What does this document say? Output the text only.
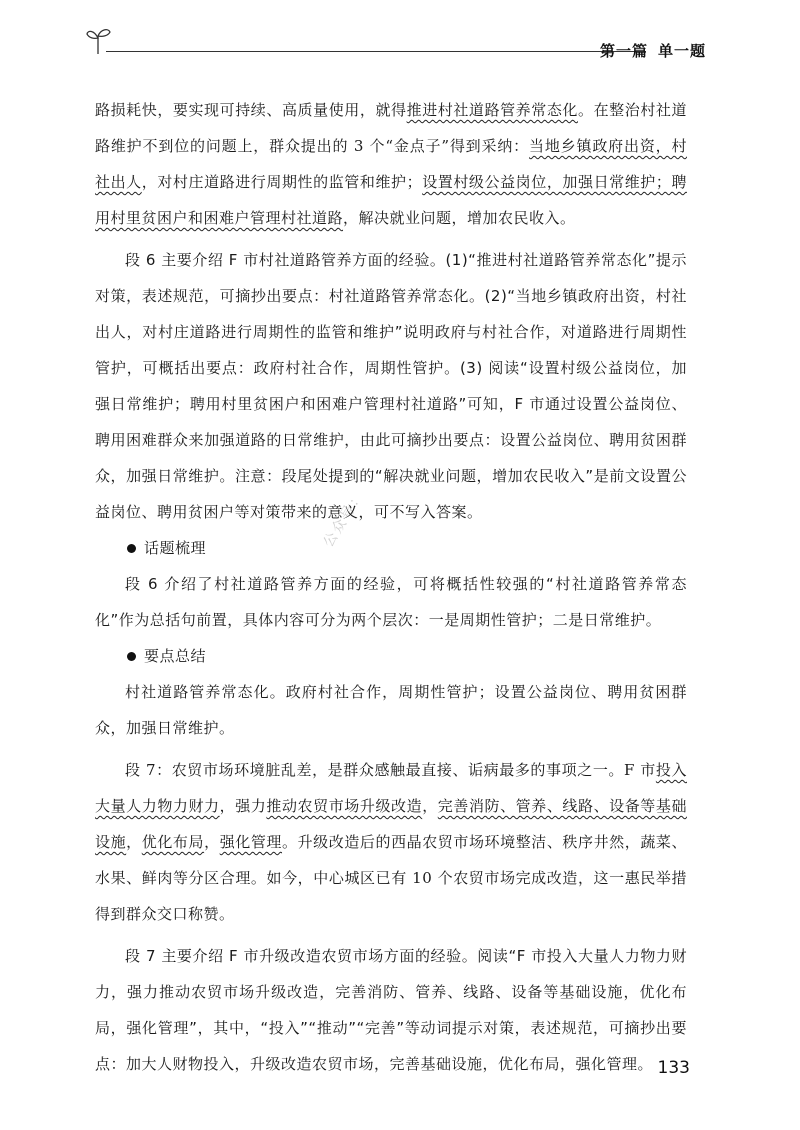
第一篇 单一题
公众号：

路损耗快，要实现可持续、高质量使用，就得推进村社道路管养常态化。在整治村社道路维护不到位的问题上，群众提出的 3 个“金点子”得到采纳：当地乡镇政府出资，村社出人，对村庄道路进行周期性的监管和维护；设置村级公益岗位，加强日常维护；聘用村里贫困户和困难户管理村社道路，解决就业问题，增加农民收入。

段 6 主要介绍 F 市村社道路管养方面的经验。(1)“推进村社道路管养常态化”提示对策，表述规范，可摘抄出要点：村社道路管养常态化。(2)“当地乡镇政府出资，村社出人，对村庄道路进行周期性的监管和维护”说明政府与村社合作，对道路进行周期性管护，可概括出要点：政府村社合作，周期性管护。(3) 阅读“设置村级公益岗位，加强日常维护；聘用村里贫困户和困难户管理村社道路”可知，F 市通过设置公益岗位、聘用困难群众来加强道路的日常维护，由此可摘抄出要点：设置公益岗位、聘用贫困群众，加强日常维护。注意：段尾处提到的“解决就业问题，增加农民收入”是前文设置公益岗位、聘用贫困户等对策带来的意义，可不写入答案。

话题梳理

段 6 介绍了村社道路管养方面的经验，可将概括性较强的“村社道路管养常态化”作为总括句前置，具体内容可分为两个层次：一是周期性管护；二是日常维护。

要点总结

村社道路管养常态化。政府村社合作，周期性管护；设置公益岗位、聘用贫困群众，加强日常维护。

段 7：农贸市场环境脏乱差，是群众感触最直接、诟病最多的事项之一。F 市投入大量人力物力财力，强力推动农贸市场升级改造，完善消防、管养、线路、设备等基础设施，优化布局，强化管理。升级改造后的西晶农贸市场环境整洁、秩序井然，蔬菜、水果、鲜肉等分区合理。如今，中心城区已有 10 个农贸市场完成改造，这一惠民举措得到群众交口称赞。

段 7 主要介绍 F 市升级改造农贸市场方面的经验。阅读“F 市投入大量人力物力财力，强力推动农贸市场升级改造，完善消防、管养、线路、设备等基础设施，优化布局，强化管理”，其中，“投入”“推动”“完善”等动词提示对策，表述规范，可摘抄出要点：加大人财物投入，升级改造农贸市场，完善基础设施，优化布局，强化管理。 133
